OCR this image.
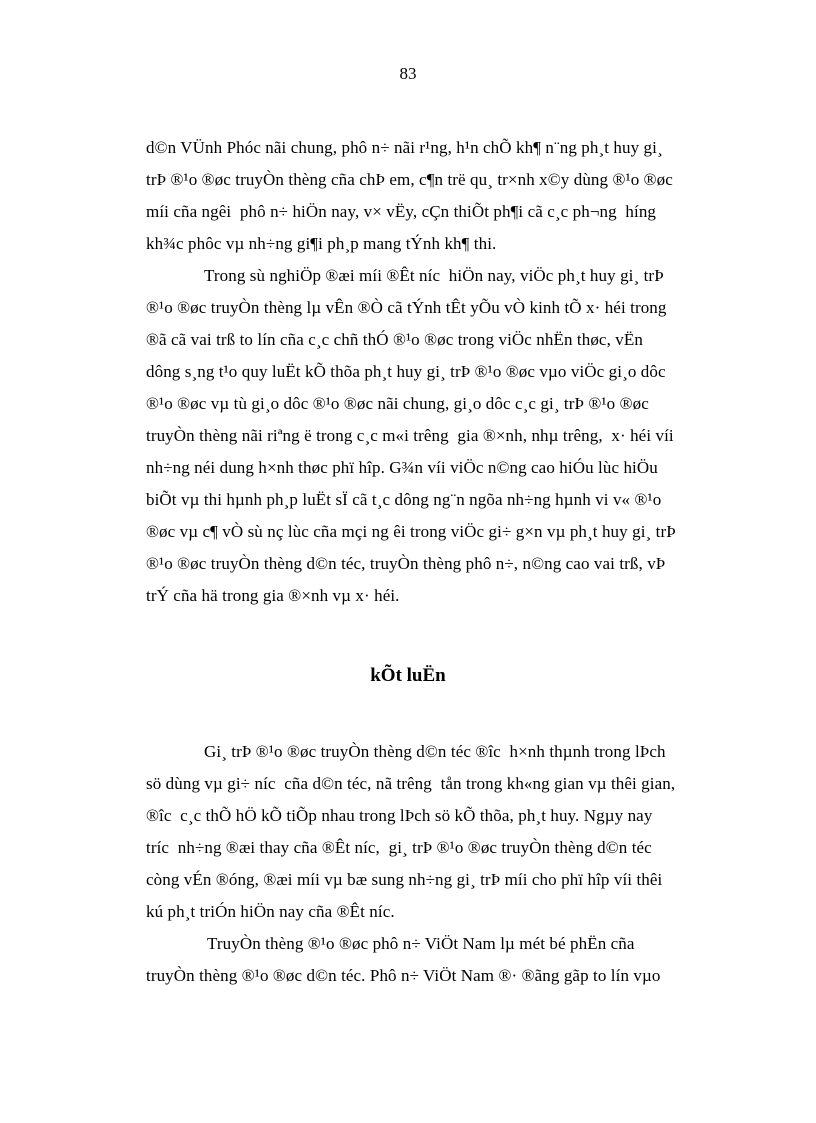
83
d©n VÜnh Phóc nãi chung, phô n÷ nãi r¹ng, h¹n chÕ kh¶ n¨ng ph¸t huy gi¸
trÞ ®¹o ®øc truyÒn thèng cña chÞ em, c¶n trë qu¸ tr×nh x©y dùng ®¹o ®øc
míi cña ngêi  phô n÷ hiÖn nay, v× vËy, cÇn thiÕt ph¶i cã c¸c ph¬ng  híng
kh¾c phôc vµ nh÷ng gi¶i ph¸p mang tÝnh kh¶ thi.
Trong sù nghiÖp ®æi míi ®Êt níc  hiÖn nay, viÖc ph¸t huy gi¸ trÞ
®¹o ®øc truyÒn thèng lµ vÊn ®Ò cã tÝnh tÊt yÕu vÒ kinh tÕ x· héi trong
®ã cã vai trß to lín cña c¸c chñ thÓ ®¹o ®øc trong viÖc nhËn thøc, vËn
dông s¸ng t¹o quy luËt kÕ thõa ph¸t huy gi¸ trÞ ®¹o ®øc vµo viÖc gi¸o dôc
®¹o ®øc vµ tù gi¸o dôc ®¹o ®øc nãi chung, gi¸o dôc c¸c gi¸ trÞ ®¹o ®øc
truyÒn thèng nãi riªng ë trong c¸c m«i trêng  gia ®×nh, nhµ trêng,  x· héi víi
nh÷ng néi dung h×nh thøc phï hîp. G¾n víi viÖc n©ng cao hiÓu lùc hiÖu
biÕt vµ thi hµnh ph¸p luËt sÏ cã t¸c dông ng¨n ngõa nh÷ng hµnh vi v« ®¹o
®øc vµ c¶ vÒ sù nç lùc cña mçi ng êi trong viÖc gi÷ g×n vµ ph¸t huy gi¸ trÞ
®¹o ®øc truyÒn thèng d©n téc, truyÒn thèng phô n÷, n©ng cao vai trß, vÞ
trÝ cña hä trong gia ®×nh vµ x· héi.
kÕt luËn
Gi¸ trÞ ®¹o ®øc truyÒn thèng d©n téc ®îc  h×nh thµnh trong lÞch
sö dùng vµ gi÷ níc  cña d©n téc, nã trêng  tån trong kh«ng gian vµ thêi gian,
®îc  c¸c thÕ hÖ kÕ tiÕp nhau trong lÞch sö kÕ thõa, ph¸t huy. Ngµy nay
tríc  nh÷ng ®æi thay cña ®Êt níc,  gi¸ trÞ ®¹o ®øc truyÒn thèng d©n téc
còng vÉn ®óng, ®æi míi vµ bæ sung nh÷ng gi¸ trÞ míi cho phï hîp víi thêi
kú ph¸t triÓn hiÖn nay cña ®Êt níc.
TruyÒn thèng ®¹o ®øc phô n÷ ViÖt Nam lµ mét bé phËn cña
truyÒn thèng ®¹o ®øc d©n téc. Phô n÷ ViÖt Nam ®· ®ãng gãp to lín vµo
